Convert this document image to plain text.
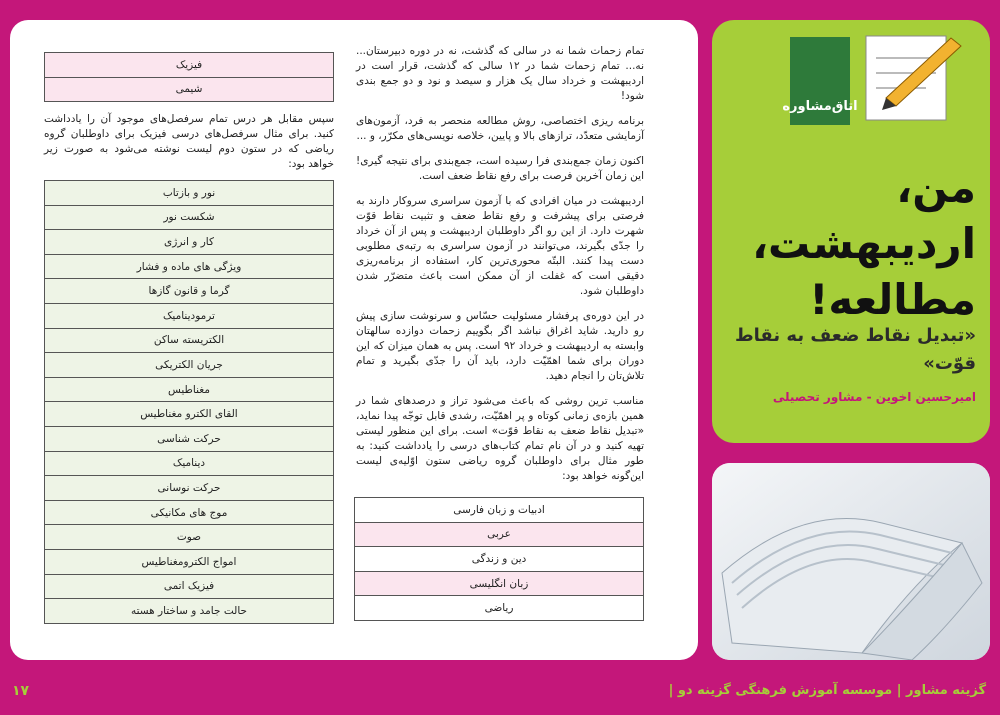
اتاق‌مشاوره
من،
اردیبهشت،
مطالعه!
«تبدیل نقاط ضعف به نقاط قوّت»
امیرحسین اخوین - مشاور تحصیلی

تمام زحمات شما نه در سالی که گذشت، نه در دوره دبیرستان... نه... تمام زحمات شما در ۱۲ سالی که گذشت، قرار است در اردیبهشت و خرداد سال یک هزار و سیصد و نود و دو جمع بندی شود!

برنامه ریزی اختصاصی، روش مطالعه منحصر به فرد، آزمون‌های آزمایشی متعدّد، ترازهای بالا و پایین، خلاصه نویسی‌های مکرّر، و ...

اکنون زمان جمع‌بندی فرا رسیده است، جمع‌بندی برای نتیجه گیری! این زمان آخرین فرصت برای رفع نقاط ضعف است.

اردیبهشت در میان افرادی که با آزمون سراسری سروکار دارند به فرصتی برای پیشرفت و رفع نقاط ضعف و تثبیت نقاط قوّت شهرت دارد. از این رو اگر داوطلبان اردیبهشت و پس از آن خرداد را جدّی بگیرند، می‌توانند در آزمون سراسری به رتبه‌ی مطلوبی دست پیدا کنند. البتّه محوری‌ترین کار، استفاده از برنامه‌ریزی دقیقی است که غفلت از آن ممکن است باعث متضرّر شدن داوطلبان شود.

در این دوره‌ی پرفشار مسئولیت حسّاس و سرنوشت سازی پیش رو دارید. شاید اغراق نباشد اگر بگوییم زحمات دوازده سالهتان وابسته به اردیبهشت و خرداد ۹۲ است. پس به همان میزان که این دوران برای شما اهمّیّت دارد، باید آن را جدّی بگیرید و تمام تلاش‌تان را انجام دهید.

مناسب ترین روشی که باعث می‌شود تراز و درصدهای شما در همین بازه‌ی زمانی کوتاه و پر اهمّیّت، رشدی قابل توجّه پیدا نماید، «تبدیل نقاط ضعف به نقاط قوّت» است. برای این منظور لیستی تهیه کنید و در آن نام تمام کتاب‌های درسی را یادداشت کنید: به طور مثال برای داوطلبان گروه ریاضی ستون اوّلیه‌ی لیست این‌گونه خواهد بود:

ادبیات و زبان فارسی
عربی
دین و زندگی
زبان انگلیسی
ریاضی
فیزیک
شیمی
سپس مقابل هر درس تمام سرفصل‌های موجود آن را یادداشت کنید. برای مثال سرفصل‌های درسی فیزیک برای داوطلبان گروه ریاضی که در ستون دوم لیست نوشته می‌شود به صورت زیر خواهد بود:
نور و بازتاب
شکست نور
کار و انرژی
ویژگی های ماده و فشار
گرما و قانون گازها
ترمودینامیک
الکتریسته ساکن
جریان الکتریکی
مغناطیس
القای الکترو مغناطیس
حرکت شناسی
دینامیک
حرکت نوسانی
موج های مکانیکی
صوت
امواج الکترومغناطیس
فیزیک اتمی
حالت جامد و ساختار هسته
گزینه مشاور | موسسه آموزش فرهنگی گزینه دو |
۱۷
